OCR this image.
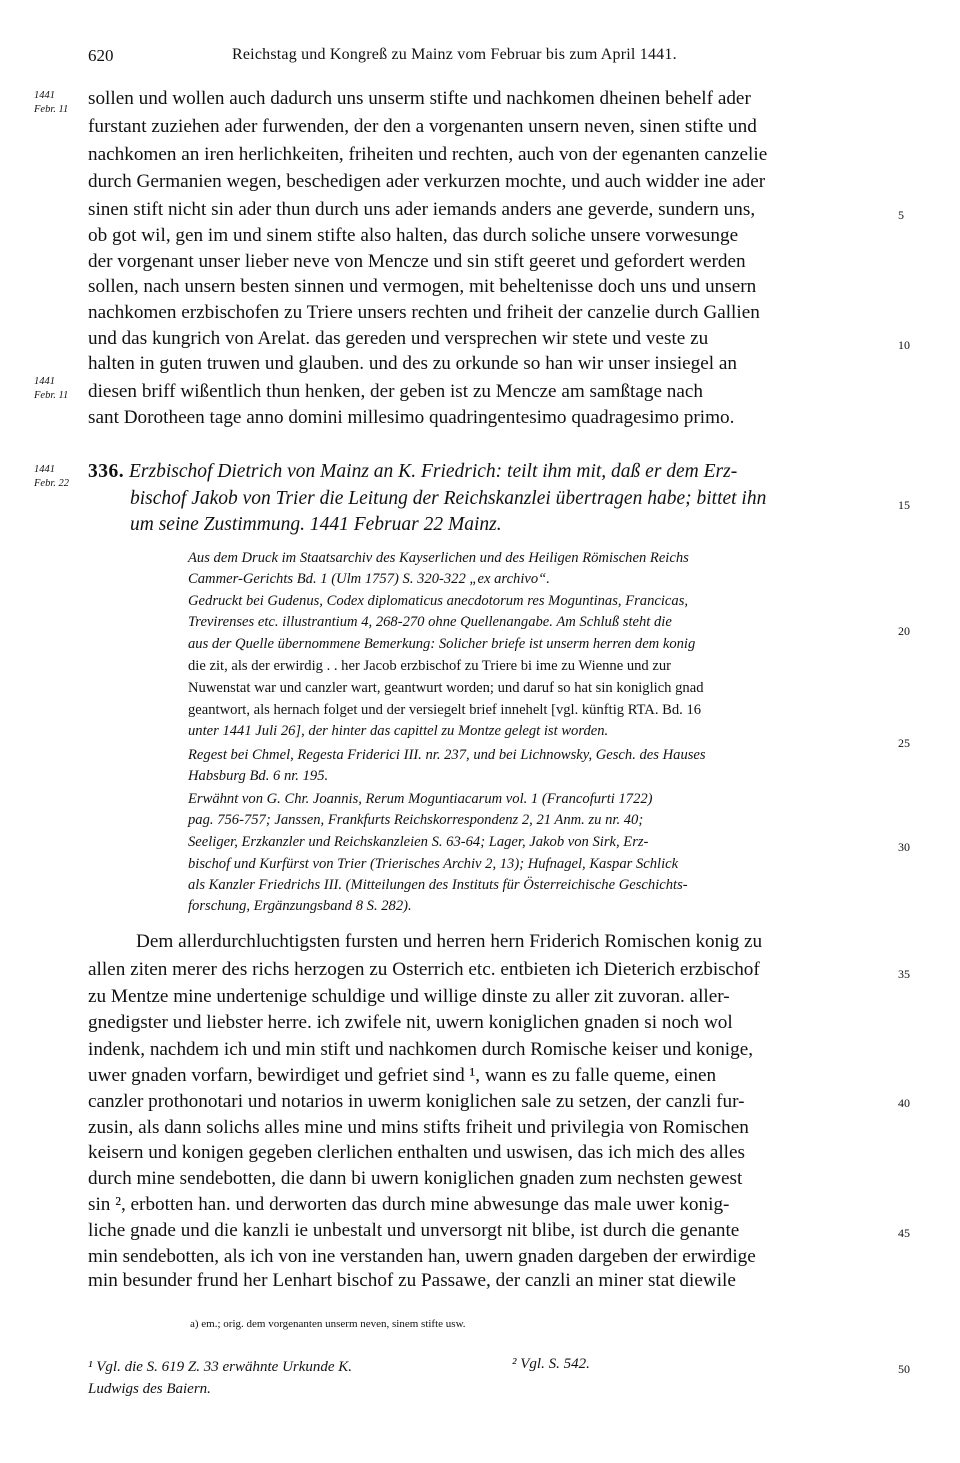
620	Reichstag und Kongreß zu Mainz vom Februar bis zum April 1441.
1441
Febr. 11
1441
Febr. 11
1441
Febr. 22
sollen und wollen auch dadurch uns unserm stifte und nachkomen dheinen behelf ader
furstant zuziehen ader furwenden, der den a vorgenanten unsern neven, sinen stifte und
nachkomen an iren herlichkeiten, friheiten und rechten, auch von der egenanten canzelie
durch Germanien wegen, beschedigen ader verkurzen mochte, und auch widder ine ader
sinen stift nicht sin ader thun durch uns ader iemands anders ane geverde, sundern uns,
ob got wil, gen im und sinem stifte also halten, das durch soliche unsere vorwesunge
der vorgenant unser lieber neve von Mencze und sin stift geeret und gefordert werden
sollen, nach unsern besten sinnen und vermogen, mit beheltenisse doch uns und unsern
nachkomen erzbischofen zu Triere unsers rechten und friheit der canzelie durch Gallien
und das kungrich von Arelat. das gereden und versprechen wir stete und veste zu
halten in guten truwen und glauben. und des zu orkunde so han wir unser insiegel an
diesen briff wißentlich thun henken, der geben ist zu Mencze am samßtage nach
sant Dorotheen tage anno domini millesimo quadringentesimo quadragesimo primo.
5
10
15
20
25
30
35
40
45
50
336. Erzbischof Dietrich von Mainz an K. Friedrich: teilt ihm mit, daß er dem Erz-
bischof Jakob von Trier die Leitung der Reichskanzlei übertragen habe; bittet ihn
um seine Zustimmung. 1441 Februar 22 Mainz.
Aus dem Druck im Staatsarchiv des Kayserlichen und des Heiligen Römischen Reichs
Cammer-Gerichts Bd. 1 (Ulm 1757) S. 320-322 „ex archivo“.
Gedruckt bei Gudenus, Codex diplomaticus anecdotorum res Moguntinas, Francicas,
Trevirenses etc. illustrantium 4, 268-270 ohne Quellenangabe. Am Schluß steht die
aus der Quelle übernommene Bemerkung: Solicher briefe ist unserm herren dem konig
die zit, als der erwirdig . . her Jacob erzbischof zu Triere bi ime zu Wienne und zur
Nuwenstat war und canzler wart, geantwurt worden; und daruf so hat sin koniglich gnad
geantwort, als hernach folget und der versiegelt brief innehelt [vgl. künftig RTA. Bd. 16
unter 1441 Juli 26], der hinter das capittel zu Montze gelegt ist worden.
Regest bei Chmel, Regesta Friderici III. nr. 237, und bei Lichnowsky, Gesch. des Hauses
Habsburg Bd. 6 nr. 195.
Erwähnt von G. Chr. Joannis, Rerum Moguntiacarum vol. 1 (Francofurti 1722)
pag. 756-757; Janssen, Frankfurts Reichskorrespondenz 2, 21 Anm. zu nr. 40;
Seeliger, Erzkanzler und Reichskanzleien S. 63-64; Lager, Jakob von Sirk, Erz-
bischof und Kurfürst von Trier (Trierisches Archiv 2, 13); Hufnagel, Kaspar Schlick
als Kanzler Friedrichs III. (Mitteilungen des Instituts für Österreichische Geschichts-
forschung, Ergänzungsband 8 S. 282).
Dem allerdurchluchtigsten fursten und herren hern Friderich Romischen konig zu
allen ziten merer des richs herzogen zu Osterrich etc. entbieten ich Dieterich erzbischof
zu Mentze mine undertenige schuldige und willige dinste zu aller zit zuvoran. aller-
gnedigster und liebster herre. ich zwifele nit, uwern koniglichen gnaden si noch wol
indenk, nachdem ich und min stift und nachkomen durch Romische keiser und konige,
uwer gnaden vorfarn, bewirdiget und gefriet sind ¹, wann es zu falle queme, einen
canzler prothonotari und notarios in uwerm koniglichen sale zu setzen, der canzli fur-
zusin, als dann solichs alles mine und mins stifts friheit und privilegia von Romischen
keisern und konigen gegeben clerlichen enthalten und uswisen, das ich mich des alles
durch mine sendebotten, die dann bi uwern koniglichen gnaden zum nechsten gewest
sin ², erbotten han. und derworten das durch mine abwesunge das male uwer konig-
liche gnade und die kanzli ie unbestalt und unversorgt nit blibe, ist durch die genante
min sendebotten, als ich von ine verstanden han, uwern gnaden dargeben der erwirdige
min besunder frund her Lenhart bischof zu Passawe, der canzli an miner stat diewile
a) em.; orig. dem vorgenanten unserm neven, sinem stifte usw.
¹ Vgl. die S. 619 Z. 33 erwähnte Urkunde K.
Ludwigs des Baiern.
² Vgl. S. 542.
